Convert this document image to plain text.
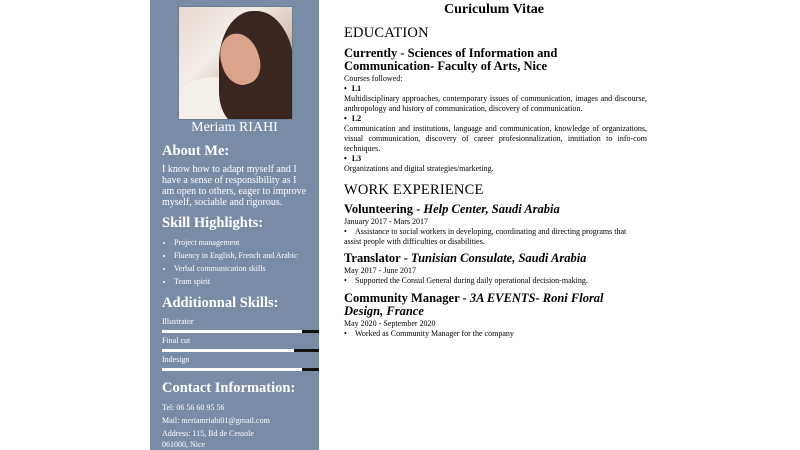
Meriam RIAHI
About Me:
I know how to adapt myself and I have a sense of responsibility as I am open to others, eager to improve myself, sociable and rigorous.
Skill Highlights:
• Project management
• Fluency in English, French and Arabic
• Verbal communication skills
• Team spirit
Additionnal Skills:
Illustrator
Final cut
Indesign
Contact Information:
Tel: 06 56 60 95 56
Mail: meriamriahi01@gmail.com
Address: 115, Bd de Cessole
061000, Nice
Curiculum Vitae
EDUCATION
Currently - Sciences of Information and Communication- Faculty of Arts, Nice
Courses followed:
• L1
Multidisciplinary approaches, contemporary issues of communication, images and discourse, anthropology and history of communication, discovery of communication.
• L2
Communication and institutions, language and communication, knowledge of organizations, visual communication, discovery of career profesionnalization, innitiation to info-com techniques.
• L3
Organizations and digital strategies/marketing.
WORK EXPERIENCE
Volunteering - Help Center, Saudi Arabia
January 2017 - Mars 2017
• Assistance to social workers in developing, coordinating and directing programs that assist people with difficulties or disabilities.
Translator - Tunisian Consulate, Saudi Arabia
May 2017 - June 2017
• Supported the Consul General during daily operational decision-making.
Community Manager - 3A EVENTS- Roni Floral Design, France
May 2020 - September 2020
• Worked as Community Manager for the company
